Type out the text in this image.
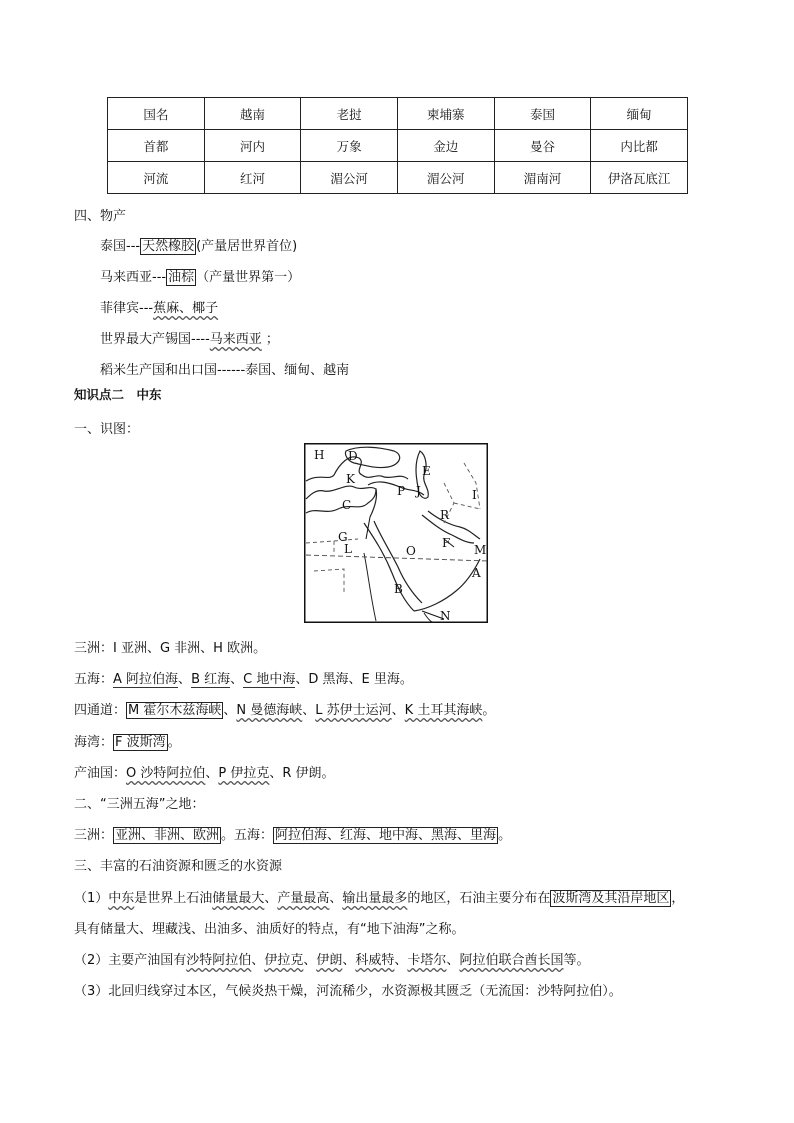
国名	越南	老挝	柬埔寨	泰国	缅甸
首都	河内	万象	金边	曼谷	内比都
河流	红河	湄公河	湄公河	湄南河	伊洛瓦底江
四、物产
泰国--- 天然橡胶 (产量居世界首位)
马来西亚--- 油棕 （产量世界第一）
菲律宾---蕉麻、椰子
世界最大产锡国----马来西亚 ；
稻米生产国和出口国------泰国、缅甸、越南
知识点二　中东
一、识图：
H D
K
E
C
P J	I
R
G
L	O
F M
A
B
N
三洲：I 亚洲、G 非洲、H 欧洲。
五海：A 阿拉伯海、B 红海、C 地中海、D 黑海、E 里海。
四通道： M 霍尔木兹海峡 、N 曼德海峡、L 苏伊士运河、K 土耳其海峡。
海湾： F 波斯湾 。
产油国：O 沙特阿拉伯、P 伊拉克、R 伊朗。
二、“三洲五海”之地：
三洲： 亚洲、非洲、欧洲 。五海： 阿拉伯海、红海、地中海、黑海、里海 。
三、丰富的石油资源和匮乏的水资源
（1）中东是世界上石油储量最大、产量最高、输出量最多的地区，石油主要分布在 波斯湾及其沿岸地区 ，
具有储量大、埋藏浅、出油多、油质好的特点，有“地下油海”之称。
（2）主要产油国有沙特阿拉伯、伊拉克、伊朗、科威特、卡塔尔、阿拉伯联合酋长国等。
（3）北回归线穿过本区，气候炎热干燥，河流稀少，水资源极其匮乏（无流国：沙特阿拉伯）。
